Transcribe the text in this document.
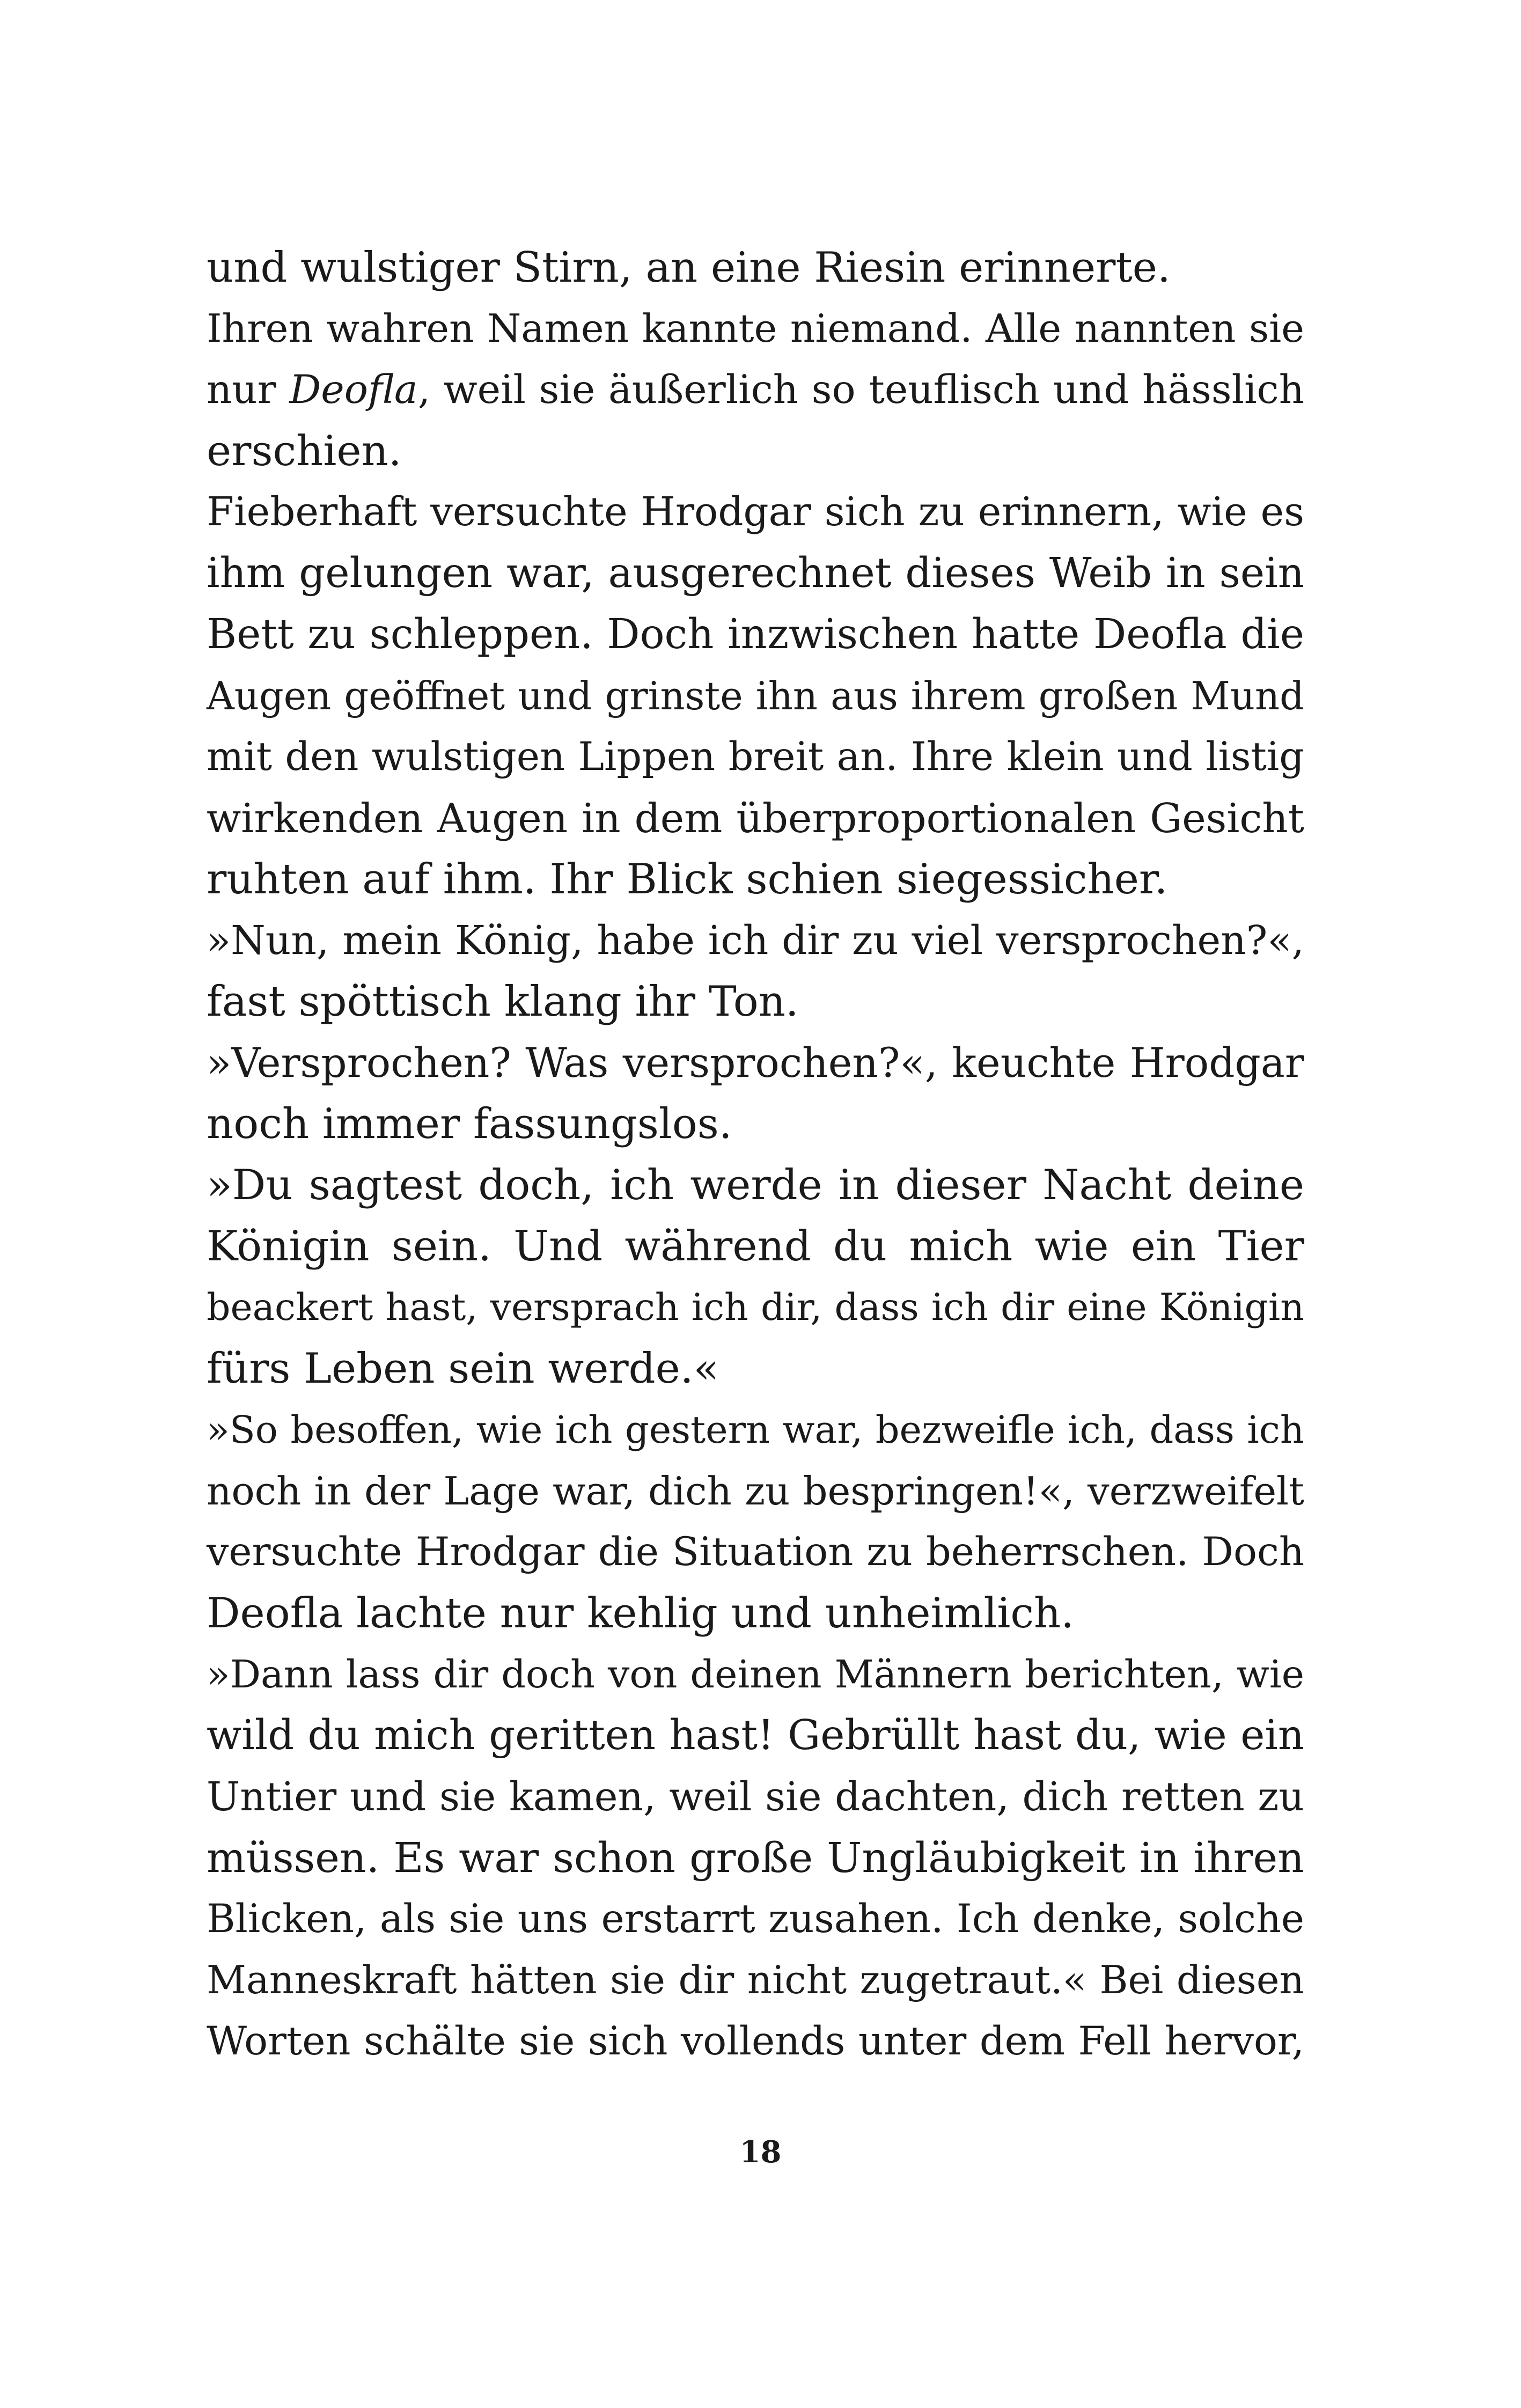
und wulstiger Stirn, an eine Riesin erinnerte.
Ihren wahren Namen kannte niemand. Alle nannten sie
nur Deofla, weil sie äußerlich so teuflisch und hässlich
erschien.
Fieberhaft versuchte Hrodgar sich zu erinnern, wie es
ihm gelungen war, ausgerechnet dieses Weib in sein
Bett zu schleppen. Doch inzwischen hatte Deofla die
Augen geöffnet und grinste ihn aus ihrem großen Mund
mit den wulstigen Lippen breit an. Ihre klein und listig
wirkenden Augen in dem überproportionalen Gesicht
ruhten auf ihm. Ihr Blick schien siegessicher.
»Nun, mein König, habe ich dir zu viel versprochen?«,
fast spöttisch klang ihr Ton.
»Versprochen? Was versprochen?«, keuchte Hrodgar
noch immer fassungslos.
»Du sagtest doch, ich werde in dieser Nacht deine
Königin sein. Und während du mich wie ein Tier
beackert hast, versprach ich dir, dass ich dir eine Königin
fürs Leben sein werde.«
»So besoffen, wie ich gestern war, bezweifle ich, dass ich
noch in der Lage war, dich zu bespringen!«, verzweifelt
versuchte Hrodgar die Situation zu beherrschen. Doch
Deofla lachte nur kehlig und unheimlich.
»Dann lass dir doch von deinen Männern berichten, wie
wild du mich geritten hast! Gebrüllt hast du, wie ein
Untier und sie kamen, weil sie dachten, dich retten zu
müssen. Es war schon große Ungläubigkeit in ihren
Blicken, als sie uns erstarrt zusahen. Ich denke, solche
Manneskraft hätten sie dir nicht zugetraut.« Bei diesen
Worten schälte sie sich vollends unter dem Fell hervor,
18
